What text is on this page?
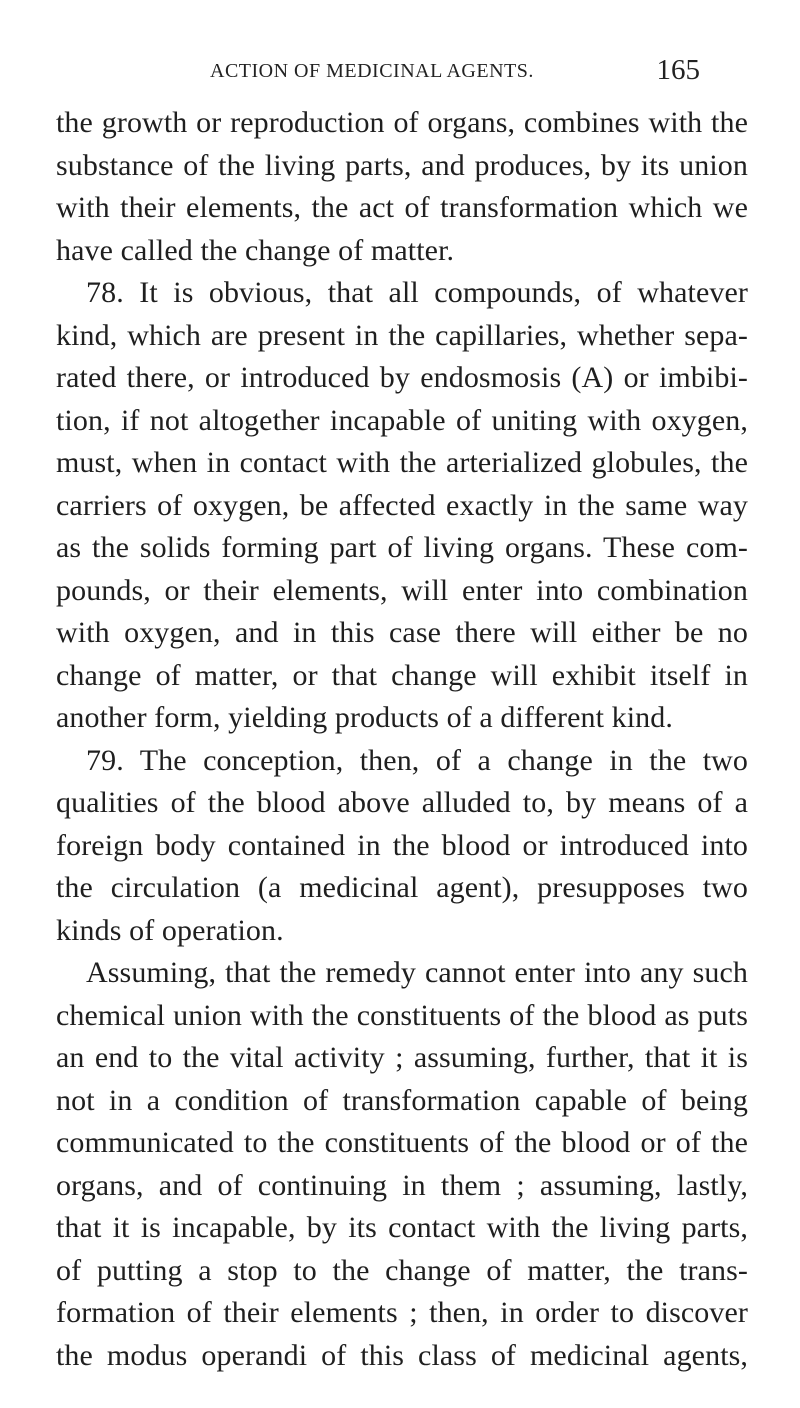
ACTION OF MEDICINAL AGENTS.	165
the growth or reproduction of organs, combines with the
substance of the living parts, and produces, by its union
with their elements, the act of transformation which we
have called the change of matter.
78. It is obvious, that all compounds, of whatever
kind, which are present in the capillaries, whether sepa-
rated there, or introduced by endosmosis (A) or imbibi-
tion, if not altogether incapable of uniting with oxygen,
must, when in contact with the arterialized globules, the
carriers of oxygen, be affected exactly in the same way
as the solids forming part of living organs. These com-
pounds, or their elements, will enter into combination
with oxygen, and in this case there will either be no
change of matter, or that change will exhibit itself in
another form, yielding products of a different kind.
79. The conception, then, of a change in the two
qualities of the blood above alluded to, by means of a
foreign body contained in the blood or introduced into
the circulation (a medicinal agent), presupposes two
kinds of operation.
Assuming, that the remedy cannot enter into any such
chemical union with the constituents of the blood as puts
an end to the vital activity ; assuming, further, that it is
not in a condition of transformation capable of being
communicated to the constituents of the blood or of the
organs, and of continuing in them ; assuming, lastly,
that it is incapable, by its contact with the living parts,
of putting a stop to the change of matter, the trans-
formation of their elements ; then, in order to discover
the modus operandi of this class of medicinal agents,
